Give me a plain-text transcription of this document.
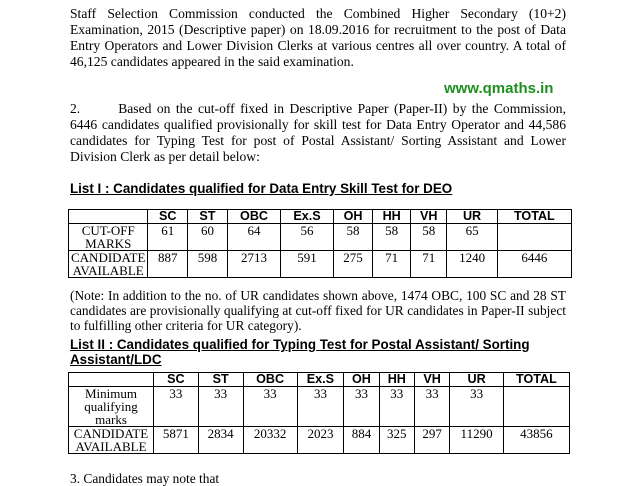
Staff Selection Commission conducted the Combined Higher Secondary (10+2) Examination, 2015 (Descriptive paper) on 18.09.2016 for recruitment to the post of Data Entry Operators and Lower Division Clerks at various centres all over country. A total of 46,125 candidates appeared in the said examination.

www.qmaths.in

2.	Based on the cut-off fixed in Descriptive Paper (Paper-II) by the Commission, 6446 candidates qualified provisionally for skill test for Data Entry Operator and 44,586 candidates for Typing Test for post of Postal Assistant/ Sorting Assistant and Lower Division Clerk as per detail below:

List I : Candidates qualified for Data Entry Skill Test for DEO
	SC	ST	OBC	Ex.S	OH	HH	VH	UR	TOTAL
CUT-OFF MARKS	61	60	64	56	58	58	58	65	
CANDIDATE AVAILABLE	887	598	2713	591	275	71	71	1240	6446
(Note: In addition to the no. of UR candidates shown above, 1474 OBC, 100 SC and 28 ST candidates are provisionally qualifying at cut-off fixed for UR candidates in Paper-II subject to fulfilling other criteria for UR category).
List II : Candidates qualified for Typing Test for Postal Assistant/ Sorting Assistant/LDC
	SC	ST	OBC	Ex.S	OH	HH	VH	UR	TOTAL
Minimum qualifying marks	33	33	33	33	33	33	33	33	
CANDIDATE AVAILABLE	5871	2834	20332	2023	884	325	297	11290	43856
3. Candidates may note that
